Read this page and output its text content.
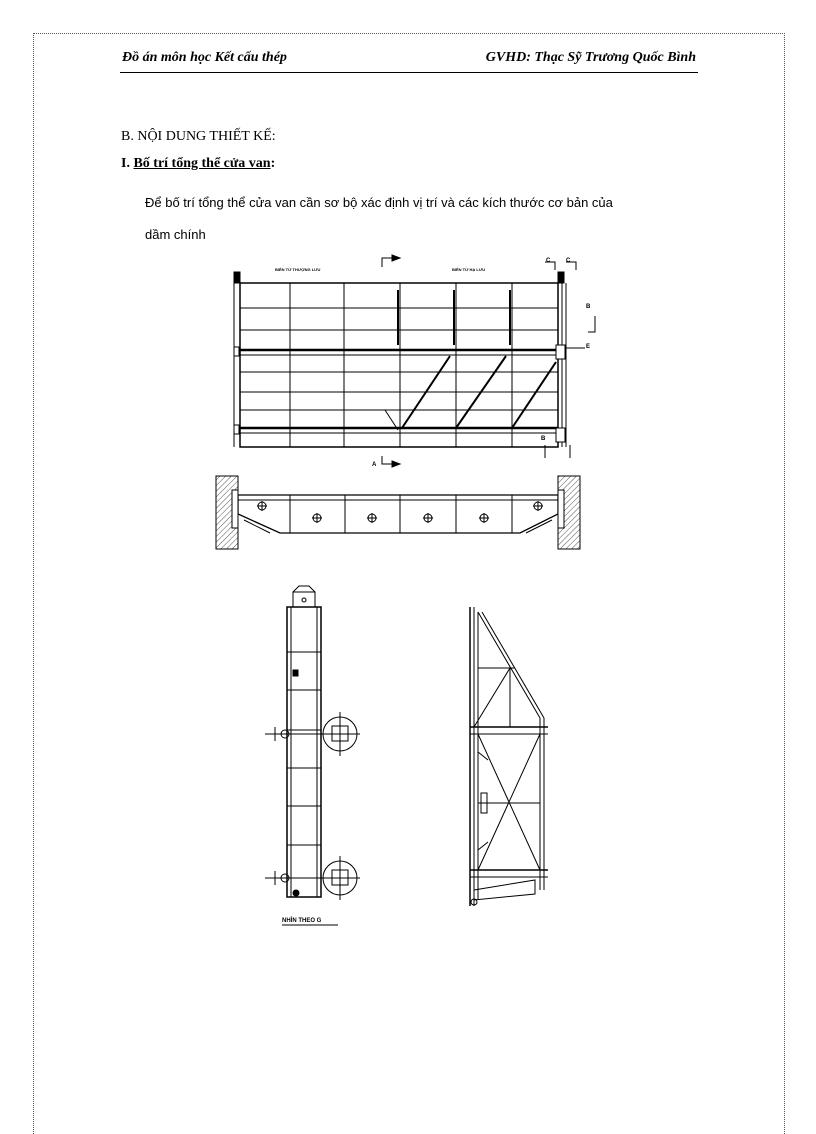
Đồ án môn học Kết cấu thép	GVHD: Thạc Sỹ Trương Quốc Bình
B. NỘI DUNG THIẾT KẾ:
I. Bố trí tổng thể cửa van:
Để bố trí tổng thể cửa van cần sơ bộ xác định vị trí và các kích thước cơ bản của
dầm chính
BIÊN TỪ THƯỢNG LƯU	BIÊN TỪ HẠ LƯU
C	C
B
E
B
A
NHÌN THEO G
